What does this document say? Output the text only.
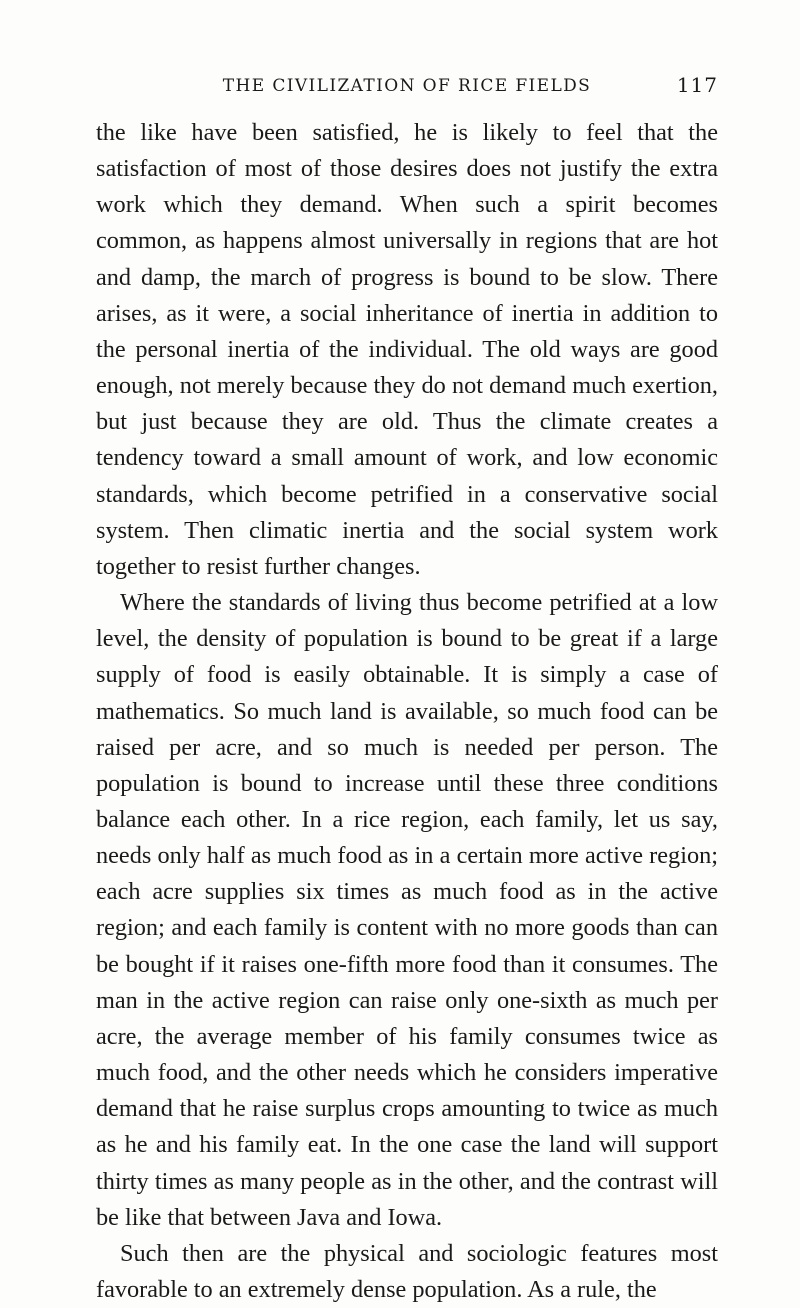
THE CIVILIZATION OF RICE FIELDS	117

the like have been satisfied, he is likely to feel that the satisfaction of most of those desires does not justify the extra work which they demand. When such a spirit becomes common, as happens almost universally in regions that are hot and damp, the march of progress is bound to be slow. There arises, as it were, a social inheritance of inertia in addition to the personal inertia of the individual. The old ways are good enough, not merely because they do not demand much exertion, but just because they are old. Thus the climate creates a tendency toward a small amount of work, and low economic standards, which become petrified in a conservative social system. Then climatic inertia and the social system work together to resist further changes.

Where the standards of living thus become petrified at a low level, the density of population is bound to be great if a large supply of food is easily obtainable. It is simply a case of mathematics. So much land is available, so much food can be raised per acre, and so much is needed per person. The population is bound to increase until these three conditions balance each other. In a rice region, each family, let us say, needs only half as much food as in a certain more active region; each acre supplies six times as much food as in the active region; and each family is content with no more goods than can be bought if it raises one-fifth more food than it consumes. The man in the active region can raise only one-sixth as much per acre, the average member of his family consumes twice as much food, and the other needs which he considers imperative demand that he raise surplus crops amounting to twice as much as he and his family eat. In the one case the land will support thirty times as many people as in the other, and the contrast will be like that between Java and Iowa.

Such then are the physical and sociologic features most favorable to an extremely dense population. As a rule, the
